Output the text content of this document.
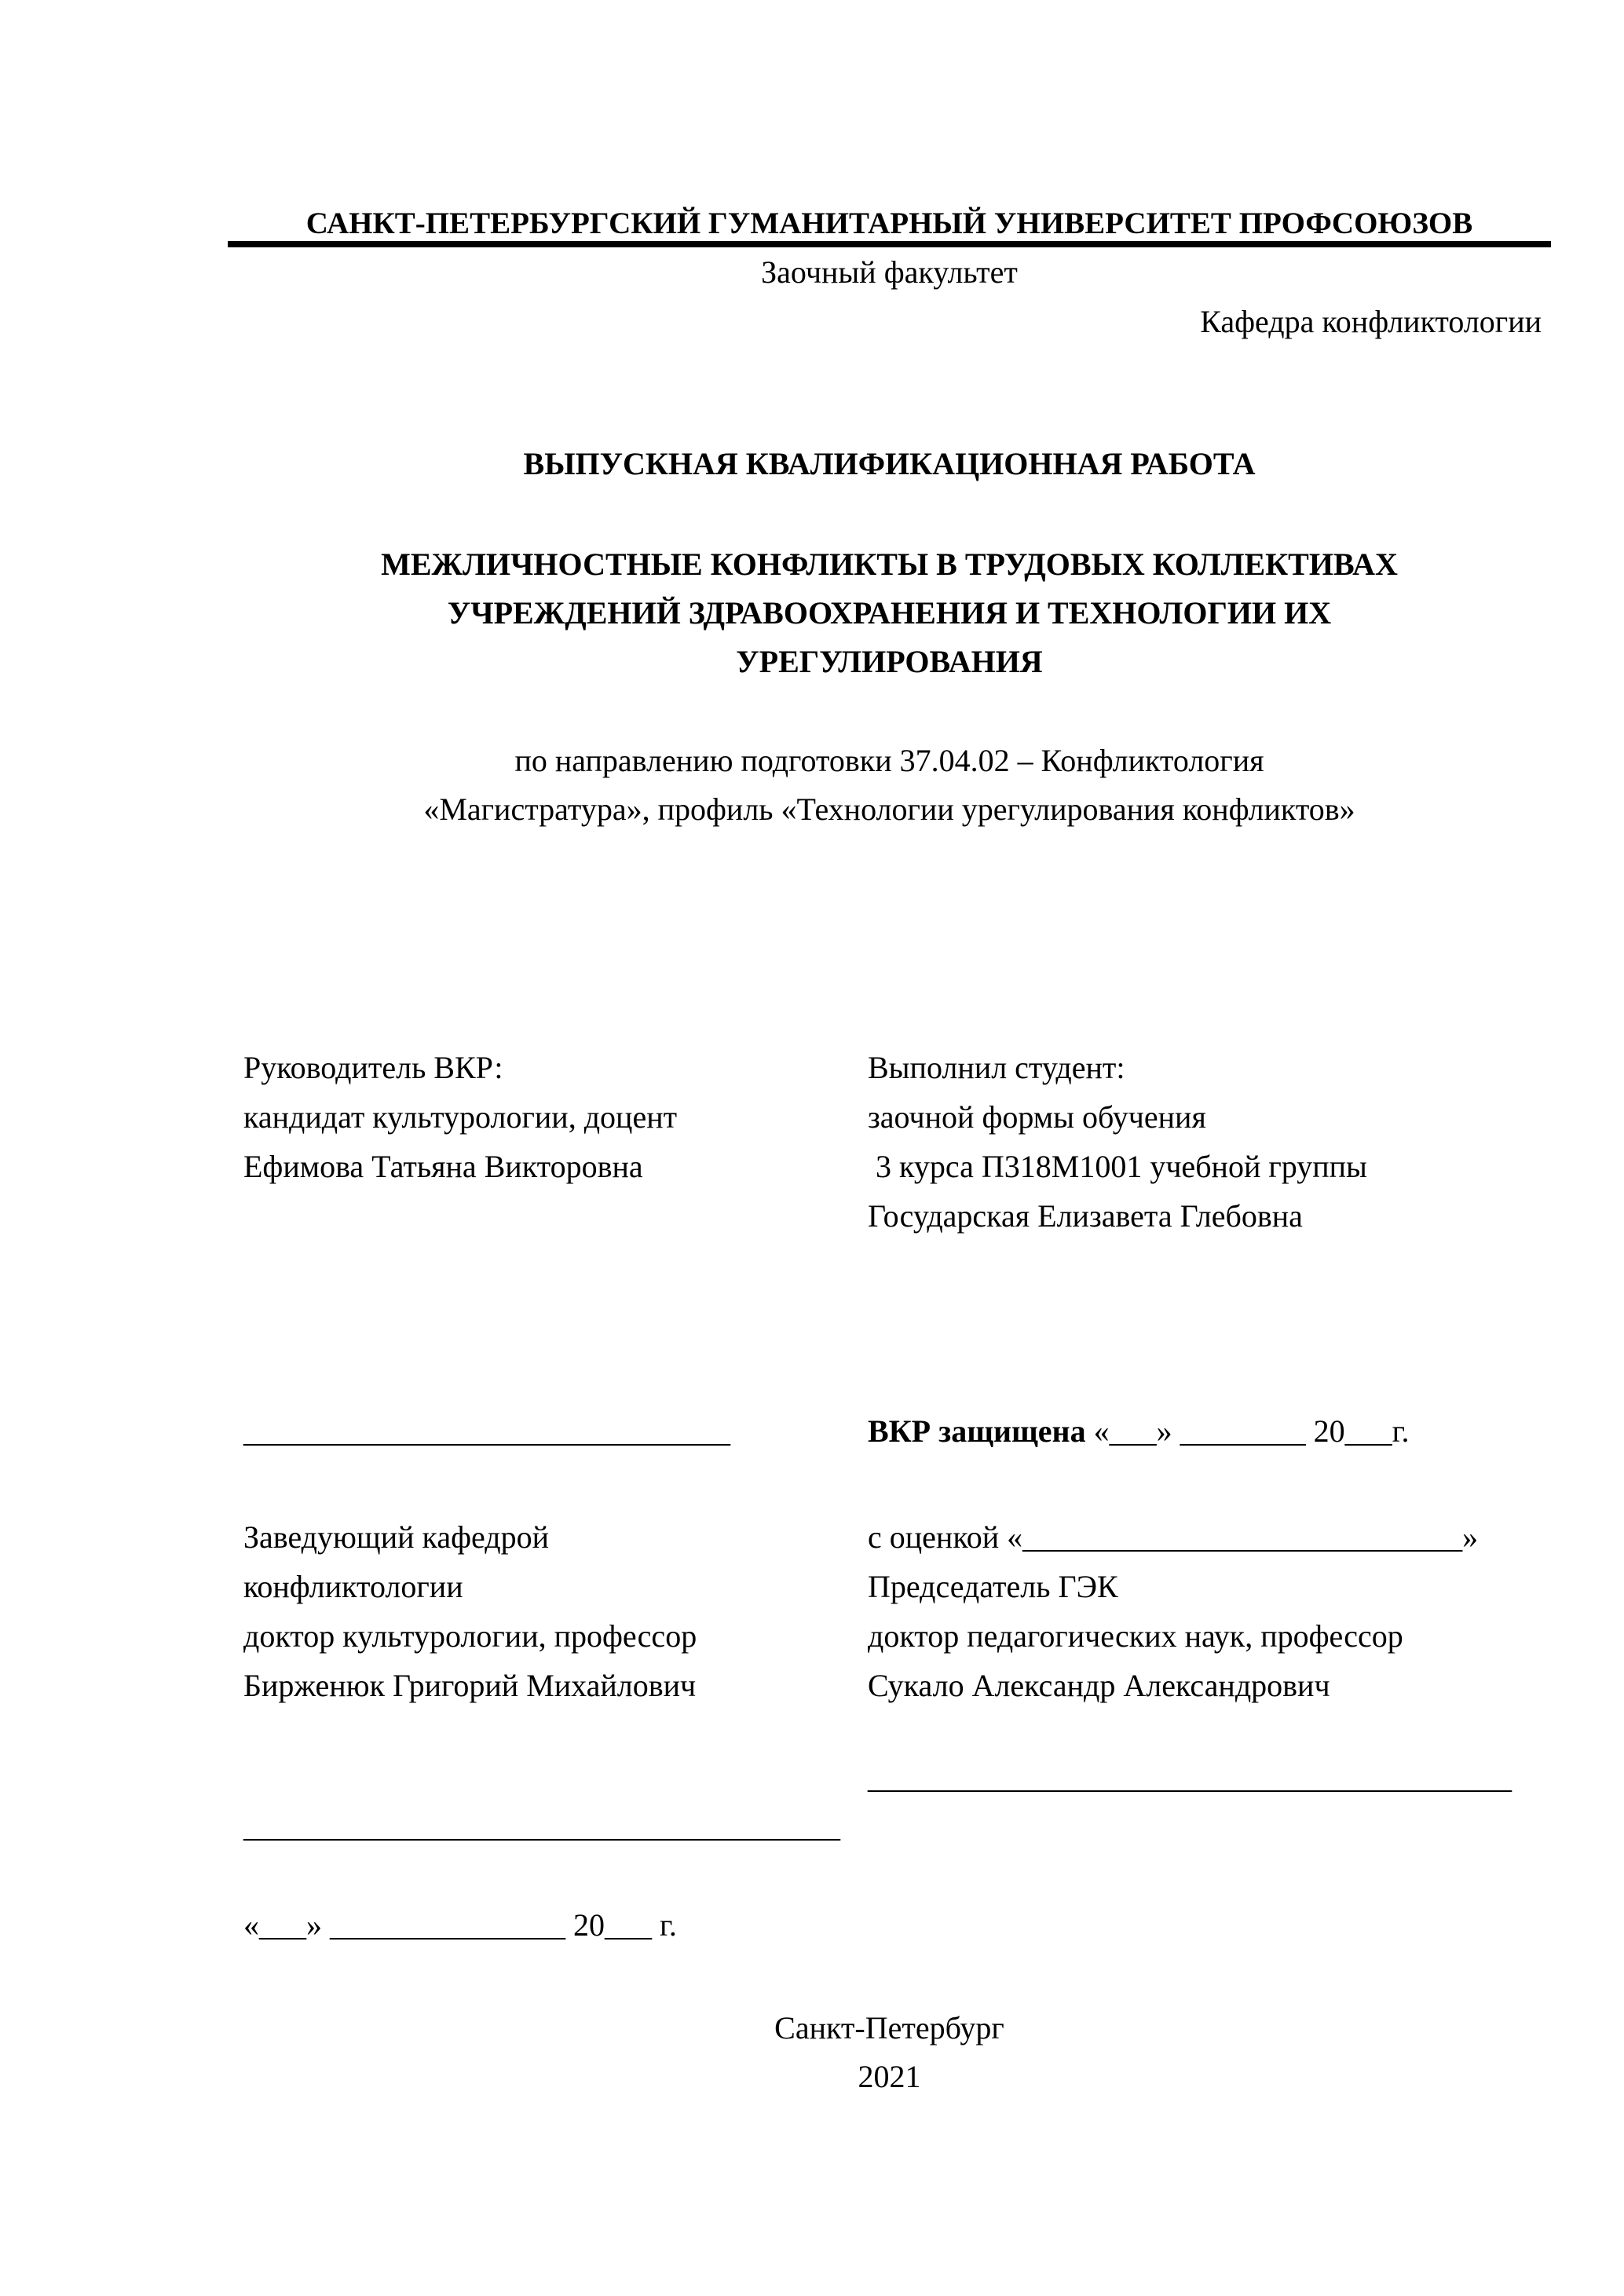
САНКТ-ПЕТЕРБУРГСКИЙ ГУМАНИТАРНЫЙ УНИВЕРСИТЕТ ПРОФСОЮЗОВ
Заочный факультет
Кафедра конфликтологии
ВЫПУСКНАЯ КВАЛИФИКАЦИОННАЯ РАБОТА
МЕЖЛИЧНОСТНЫЕ КОНФЛИКТЫ В ТРУДОВЫХ КОЛЛЕКТИВАХ
УЧРЕЖДЕНИЙ ЗДРАВООХРАНЕНИЯ И ТЕХНОЛОГИИ ИХ
УРЕГУЛИРОВАНИЯ
по направлению подготовки 37.04.02 – Конфликтология
«Магистратура», профиль «Технологии урегулирования конфликтов»
Руководитель ВКР:
кандидат культурологии, доцент
Ефимова Татьяна Викторовна
Выполнил студент:
заочной формы обучения
3 курса П318М1001 учебной группы
Государская Елизавета Глебовна
_______________________________	ВКР защищена «___» ________ 20___г.
Заведующий кафедрой
конфликтологии
доктор культурологии, профессор
Бирженюк Григорий Михайлович
с оценкой «____________________________»
Председатель ГЭК
доктор педагогических наук, профессор
Сукало Александр Александрович
_________________________________________
______________________________________
«___» _______________ 20___ г.
Санкт-Петербург
2021
